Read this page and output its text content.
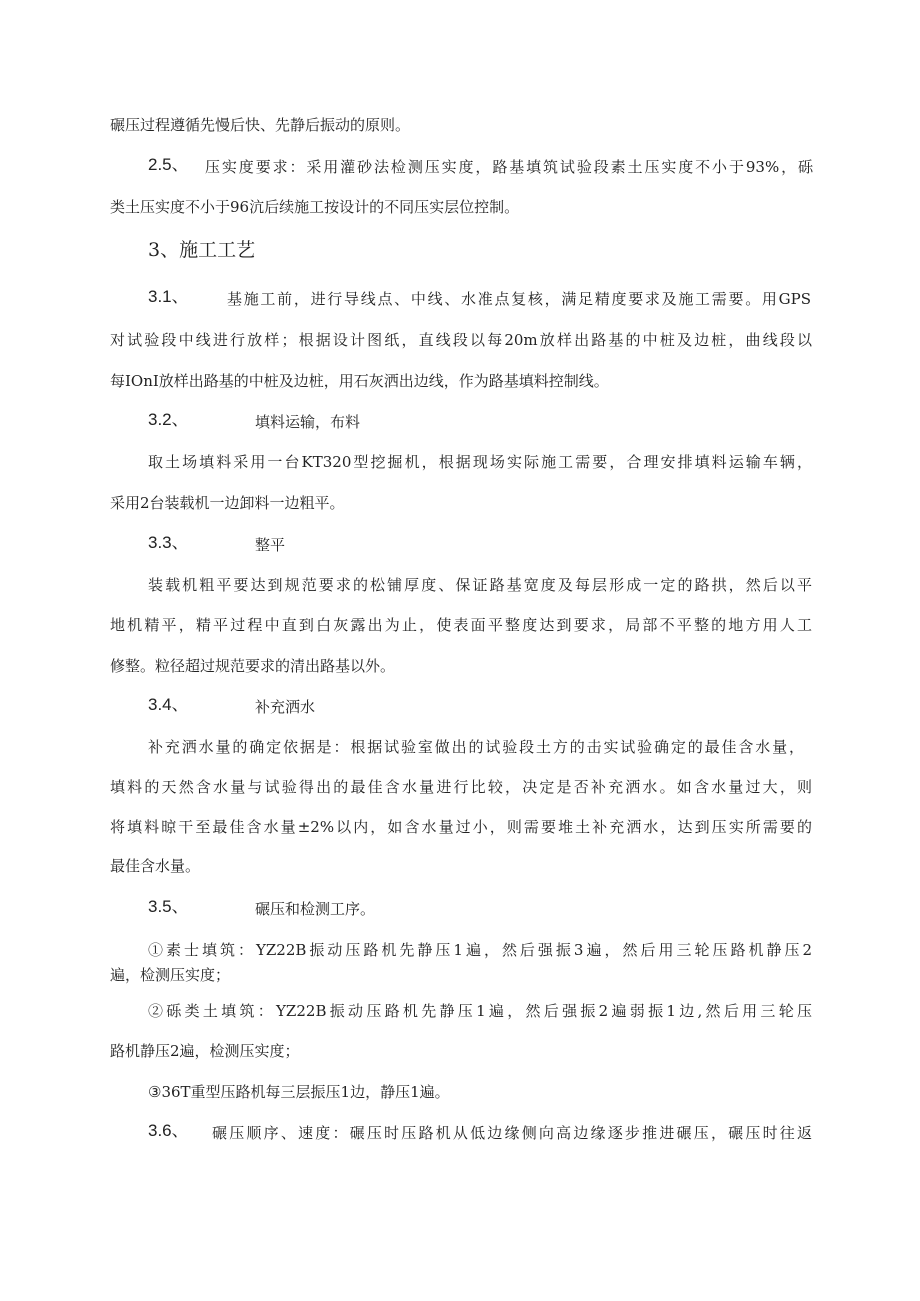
碾压过程遵循先慢后快、先静后振动的原则。
2.5、 压实度要求：采用灌砂法检测压实度，路基填筑试验段素土压实度不小于93%，砾
类土压实度不小于96沆后续施工按设计的不同压实层位控制。
3、施工工艺
3.1、	基施工前，进行导线点、中线、水准点复核，满足精度要求及施工需要。用GPS
对试验段中线进行放样；根据设计图纸，直线段以每20m放样出路基的中桩及边桩，曲线段以
每IOnI放样出路基的中桩及边桩，用石灰洒出边线，作为路基填料控制线。
3.2、	填料运输，布料
取土场填料采用一台KT320型挖掘机，根据现场实际施工需要，合理安排填料运输车辆，
采用2台装载机一边卸料一边粗平。
3.3、	整平
装载机粗平要达到规范要求的松铺厚度、保证路基宽度及每层形成一定的路拱，然后以平
地机精平，精平过程中直到白灰露出为止，使表面平整度达到要求，局部不平整的地方用人工
修整。粒径超过规范要求的清出路基以外。
3.4、	补充洒水
补充洒水量的确定依据是：根据试验室做出的试验段土方的击实试验确定的最佳含水量，
填料的天然含水量与试验得出的最佳含水量进行比较，决定是否补充洒水。如含水量过大，则
将填料晾干至最佳含水量±2%以内，如含水量过小，则需要堆土补充洒水，达到压实所需要的
最佳含水量。
3.5、	碾压和检测工序。
①素士填筑：YZ22B振动压路机先静压1遍，然后强振3遍，然后用三轮压路机静压2
遍，检测压实度；
②砾类土填筑：YZ22B振动压路机先静压1遍，然后强振2遍弱振1边,然后用三轮压
路机静压2遍，检测压实度；
③36T重型压路机每三层振压1边，静压1遍。
3.6、 碾压顺序、速度：碾压时压路机从低边缘侧向高边缘逐步推进碾压，碾压时往返
